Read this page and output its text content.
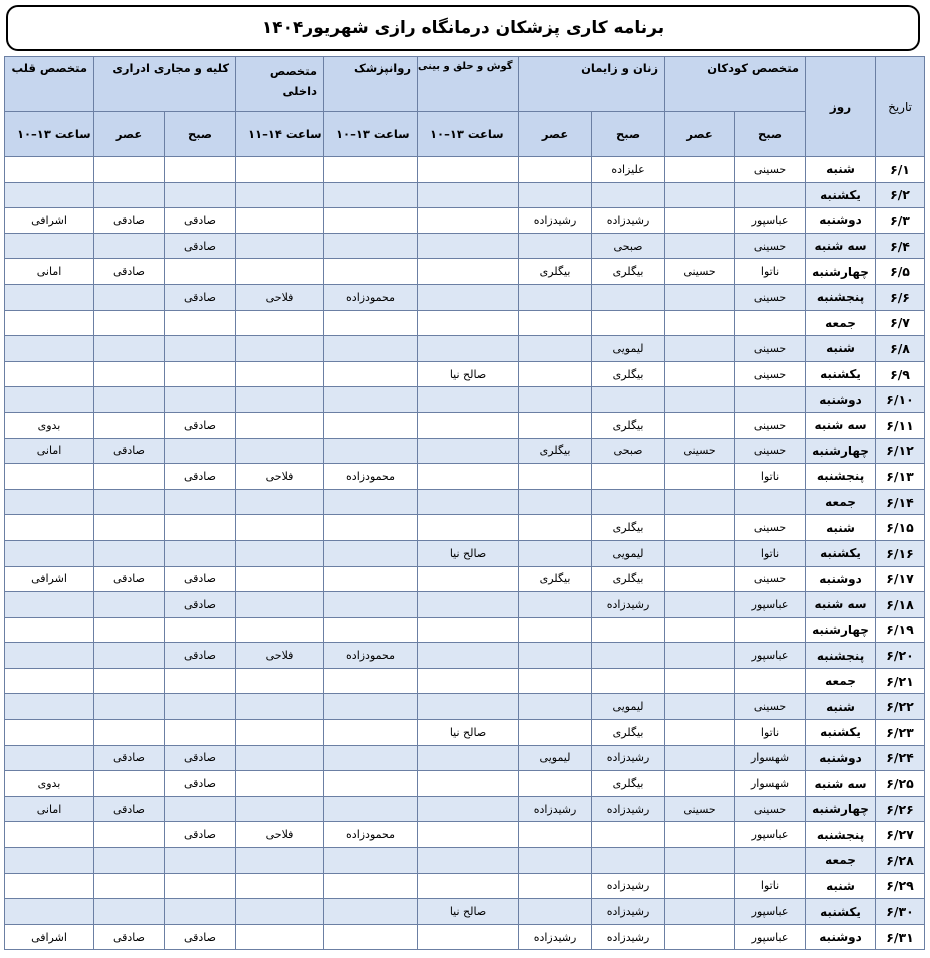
برنامه کاری پزشکان درمانگاه رازی شهریور۱۴۰۴
متخصص قلب	کلیه و مجاری ادراری		متخصص داخلی	روانپزشک	گوش و حلق و بینی	زنان و زایمان		متخصص کودکان		روز	تاریخ
ساعت ۱۳–۱۰	عصر	صبح	ساعت ۱۴–۱۱	ساعت ۱۳–۱۰	ساعت ۱۳–۱۰	عصر	صبح	عصر	صبح		
							علیزاده		حسینی	شنبه	۶/۱
										یکشنبه	۶/۲
اشرافی	صادقی	صادقی				رشیدزاده	رشیدزاده		عباسپور	دوشنبه	۶/۳
		صادقی					صبحی		حسینی	سه شنبه	۶/۴
امانی	صادقی					بیگلری	بیگلری	حسینی	ناتوا	چهارشنبه	۶/۵
		صادقی	فلاحی	محمودزاده					حسینی	پنجشنبه	۶/۶
										جمعه	۶/۷
							لیمویی		حسینی	شنبه	۶/۸
					صالح نیا		بیگلری		حسینی	یکشنبه	۶/۹
										دوشنبه	۶/۱۰
بدوی		صادقی					بیگلری		حسینی	سه شنبه	۶/۱۱
امانی	صادقی					بیگلری	صبحی	حسینی	حسینی	چهارشنبه	۶/۱۲
		صادقی	فلاحی	محمودزاده					ناتوا	پنجشنبه	۶/۱۳
										جمعه	۶/۱۴
							بیگلری		حسینی	شنبه	۶/۱۵
					صالح نیا		لیمویی		ناتوا	یکشنبه	۶/۱۶
اشرافی	صادقی	صادقی				بیگلری	بیگلری		حسینی	دوشنبه	۶/۱۷
		صادقی					رشیدزاده		عباسپور	سه شنبه	۶/۱۸
										چهارشنبه	۶/۱۹
		صادقی	فلاحی	محمودزاده					عباسپور	پنجشنبه	۶/۲۰
										جمعه	۶/۲۱
							لیمویی		حسینی	شنبه	۶/۲۲
					صالح نیا		بیگلری		ناتوا	یکشنبه	۶/۲۳
	صادقی	صادقی				لیمویی	رشیدزاده		شهسوار	دوشنبه	۶/۲۴
بدوی		صادقی					بیگلری		شهسوار	سه شنبه	۶/۲۵
امانی	صادقی					رشیدزاده	رشیدزاده	حسینی	حسینی	چهارشنبه	۶/۲۶
		صادقی	فلاحی	محمودزاده					عباسپور	پنجشنبه	۶/۲۷
										جمعه	۶/۲۸
							رشیدزاده		ناتوا	شنبه	۶/۲۹
					صالح نیا		رشیدزاده		عباسپور	یکشنبه	۶/۳۰
اشرافی	صادقی	صادقی				رشیدزاده	رشیدزاده		عباسپور	دوشنبه	۶/۳۱
